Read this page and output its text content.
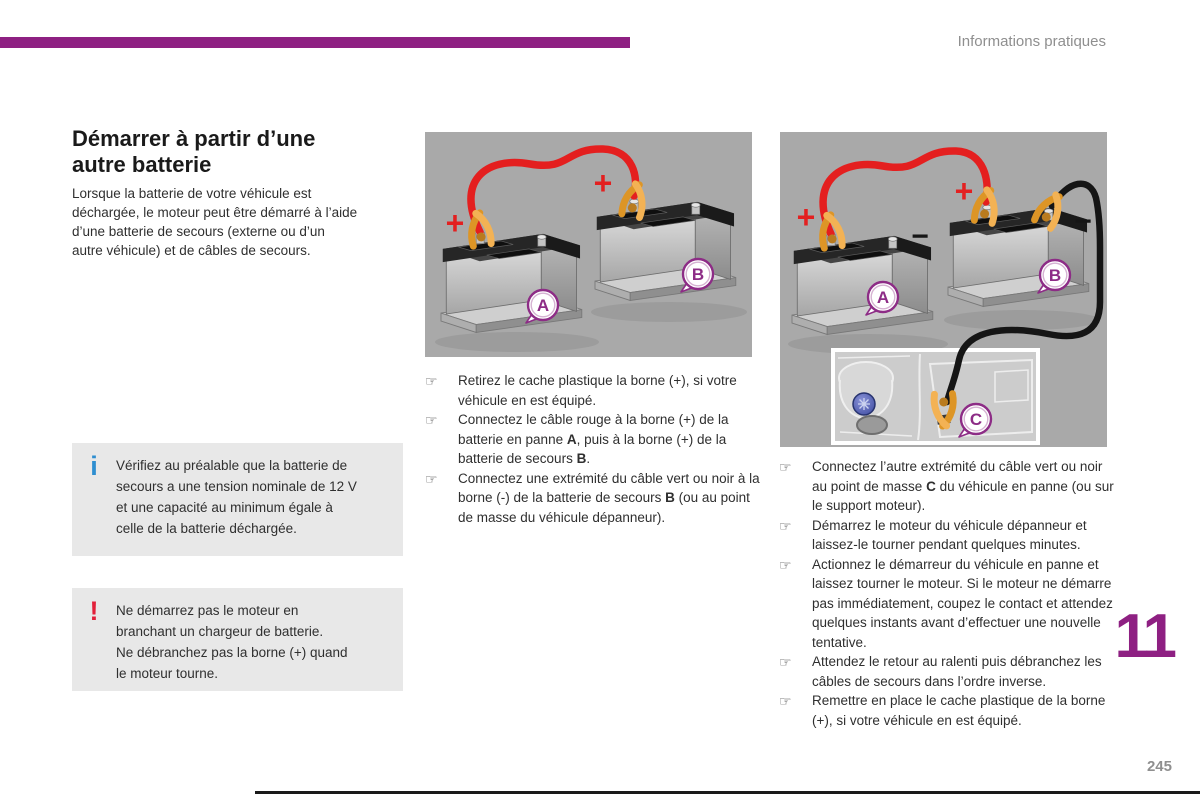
Informations pratiques
Démarrer à partir d’une
autre batterie
Lorsque la batterie de votre véhicule est
déchargée, le moteur peut être démarré à l’aide
d’une batterie de secours (externe ou d’un
autre véhicule) et de câbles de secours.
+
+
A
B
+
+
−	−
A
B
C
i	Vérifiez au préalable que la batterie de
secours a une tension nominale de 12 V
et une capacité au minimum égale à
celle de la batterie déchargée.
!	Ne démarrez pas le moteur en
branchant un chargeur de batterie.
Ne débranchez pas la borne (+) quand
le moteur tourne.
☞	Retirez le cache plastique la borne (+), si votre véhicule en est équipé.

☞	Connectez le câble rouge à la borne (+) de la batterie en panne A, puis à la borne (+) de la batterie de secours B.

☞	Connectez une extrémité du câble vert ou noir à la borne (-) de la batterie de secours B (ou au point de masse du véhicule dépanneur).

☞	Connectez l’autre extrémité du câble vert ou noir au point de masse C du véhicule en panne (ou sur le support moteur).

☞	Démarrez le moteur du véhicule dépanneur et laissez-le tourner pendant quelques minutes.

☞	Actionnez le démarreur du véhicule en panne et laissez tourner le moteur. Si le moteur ne démarre pas immédiatement, coupez le contact et attendez quelques instants avant d’effectuer une nouvelle tentative.

☞	Attendez le retour au ralenti puis débranchez les câbles de secours dans l’ordre inverse.

☞	Remettre en place le cache plastique de la borne (+), si votre véhicule en est équipé.

11
245
